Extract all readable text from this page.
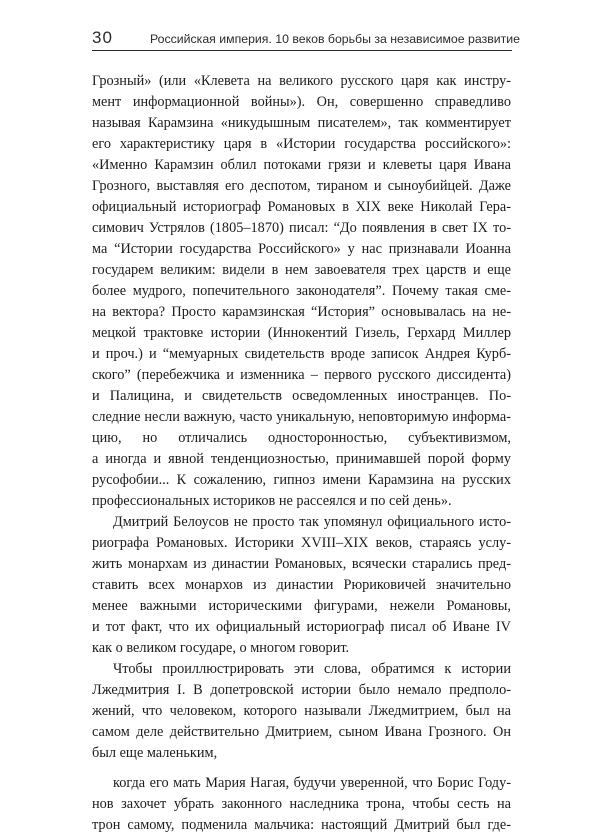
30	Российская империя. 10 веков борьбы за независимое развитие
Грозный» (или «Клевета на великого русского царя как инстру-
мент информационной войны»). Он, совершенно справедливо
называя Карамзина «никудышным писателем», так комментирует
его характеристику царя в «Истории государства российского»:
«Именно Карамзин облил потоками грязи и клеветы царя Ивана
Грозного, выставляя его деспотом, тираном и сыноубийцей. Даже
официальный историограф Романовых в XIX веке Николай Гера-
симович Устрялов (1805–1870) писал: “До появления в свет IX то-
ма “Истории государства Российского» у нас признавали Иоанна
государем великим: видели в нем завоевателя трех царств и еще
более мудрого, попечительного законодателя”. Почему такая сме-
на вектора? Просто карамзинская “История” основывалась на не-
мецкой трактовке истории (Иннокентий Гизель, Герхард Миллер
и проч.) и “мемуарных свидетельств вроде записок Андрея Курб-
ского” (перебежчика и изменника – первого русского диссидента)
и Палицина, и свидетельств осведомленных иностранцев. По-
следние несли важную, часто уникальную, неповторимую информа-
цию, но отличались односторонностью, субъективизмом,
а иногда и явной тенденциозностью, принимавшей порой форму
русофобии... К сожалению, гипноз имени Карамзина на русских
профессиональных историков не рассеялся и по сей день».
Дмитрий Белоусов не просто так упомянул официального исто-
риографа Романовых. Историки XVIII–XIX веков, стараясь услу-
жить монархам из династии Романовых, всячески старались пред-
ставить всех монархов из династии Рюриковичей значительно
менее важными историческими фигурами, нежели Романовы,
и тот факт, что их официальный историограф писал об Иване IV
как о великом государе, о многом говорит.
Чтобы проиллюстрировать эти слова, обратимся к истории
Лжедмитрия I. В допетровской истории было немало предполо-
жений, что человеком, которого называли Лжедмитрием, был на
самом деле действительно Дмитрием, сыном Ивана Грозного. Он
был еще маленьким,
когда его мать Мария Нагая, будучи уверенной, что Борис Году-
нов захочет убрать законного наследника трона, чтобы сесть на
трон самому, подменила мальчика: настоящий Дмитрий был где-
